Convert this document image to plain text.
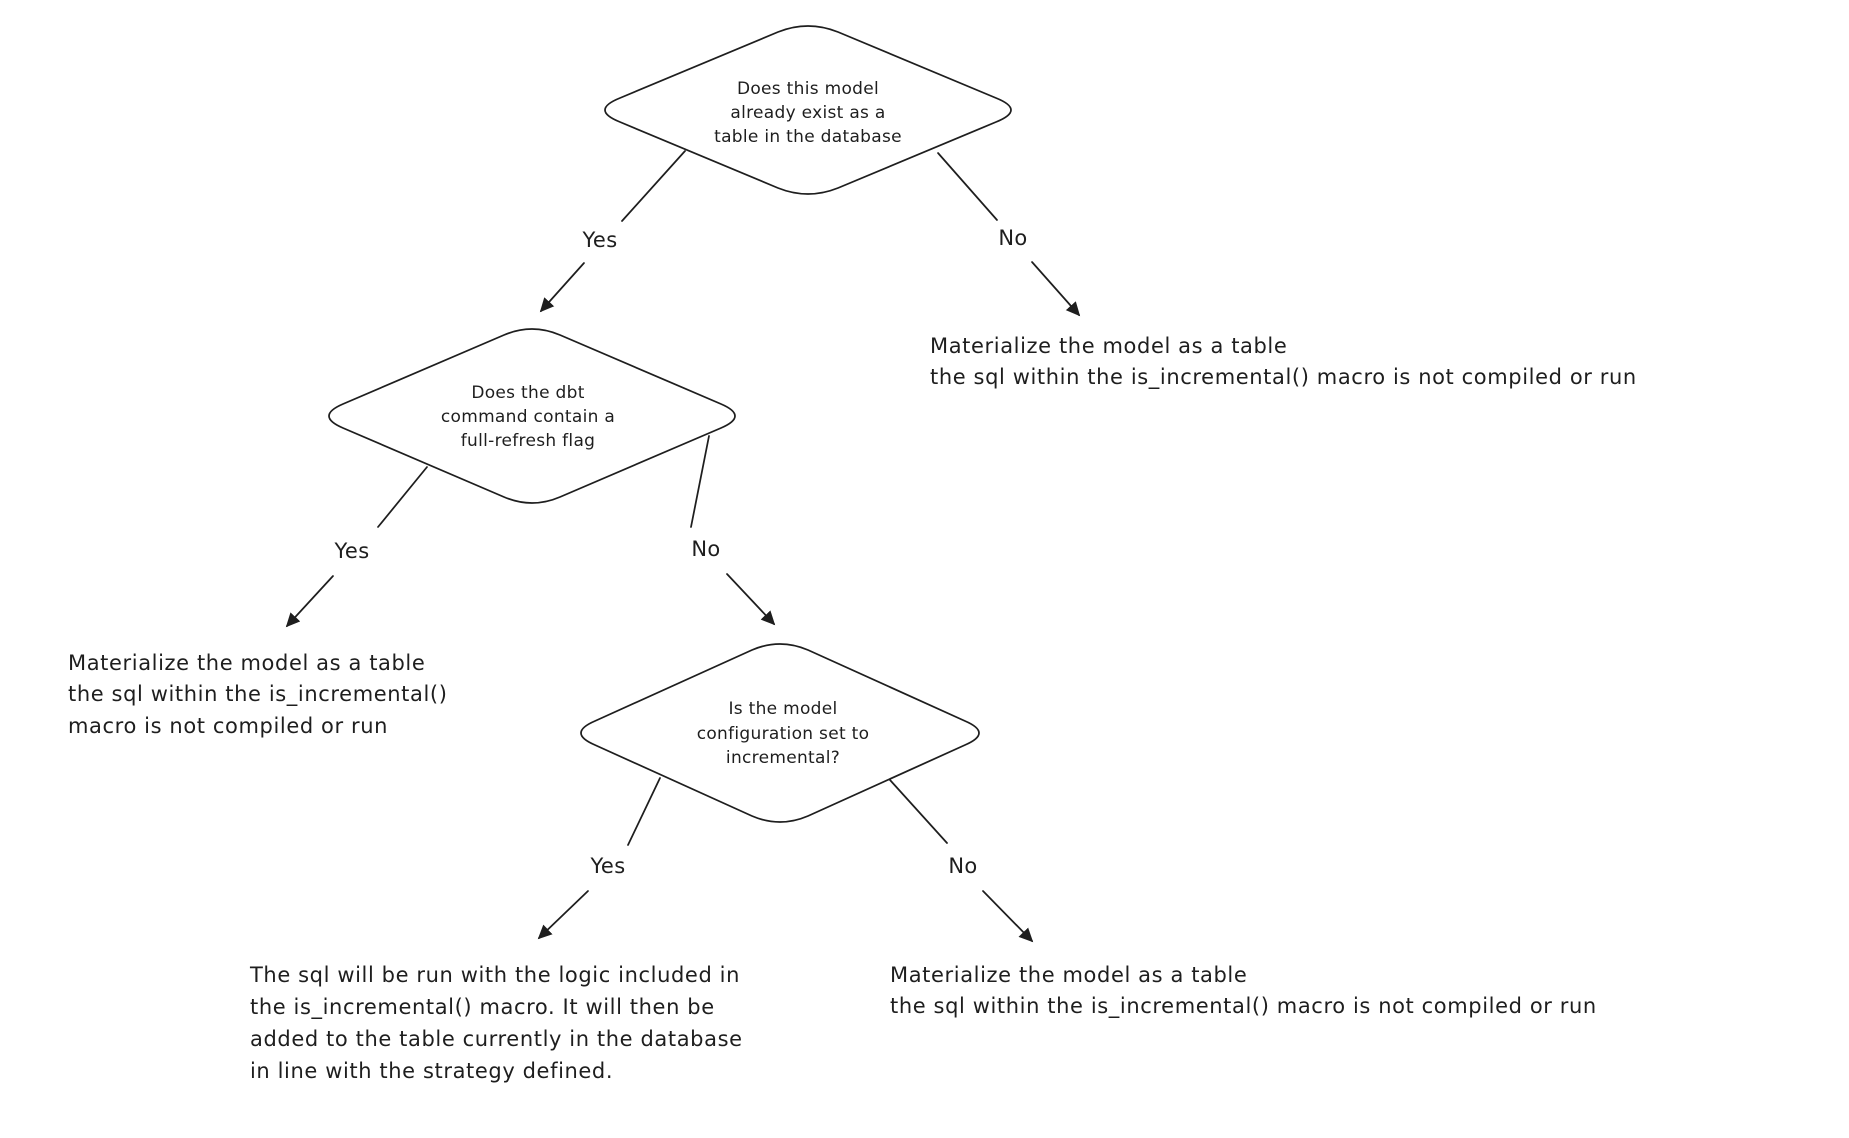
Does this model
already exist as a
table in the database
Yes	No
Materialize the model as a table
the sql within the is_incremental() macro is not compiled or run
Does the dbt
command contain a
full-refresh flag
Yes
Materialize the model as a table
the sql within the is_incremental()
macro is not compiled or run
No
Is the model
configuration set to
incremental?
Yes
The sql will be run with the logic included in
the is_incremental() macro. It will then be
added to the table currently in the database
in line with the strategy defined.
No
Materialize the model as a table
the sql within the is_incremental() macro is not compiled or run
